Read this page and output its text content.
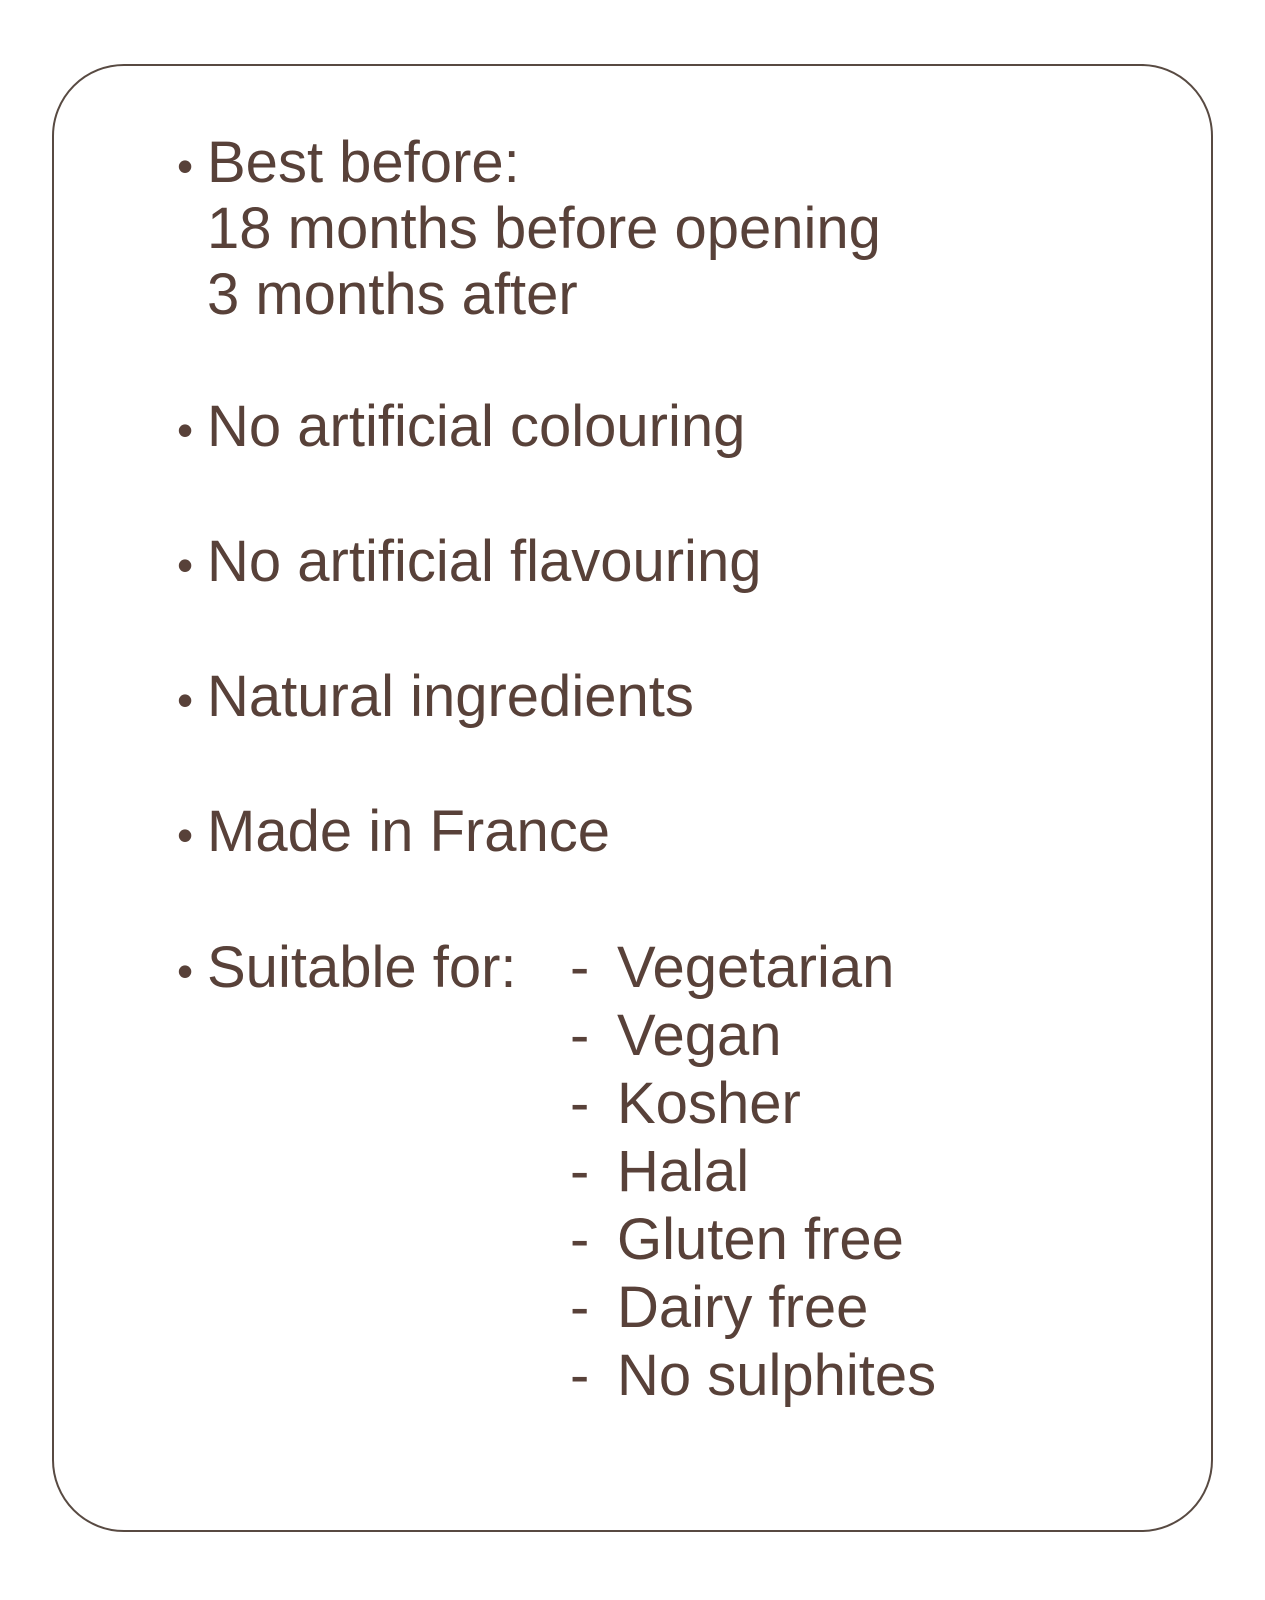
• Best before:
18 months before opening
3 months after
• No artificial colouring
• No artificial flavouring
• Natural ingredients
• Made in France
• Suitable for: - Vegetarian
- Vegan
- Kosher
- Halal
- Gluten free
- Dairy free
- No sulphites
